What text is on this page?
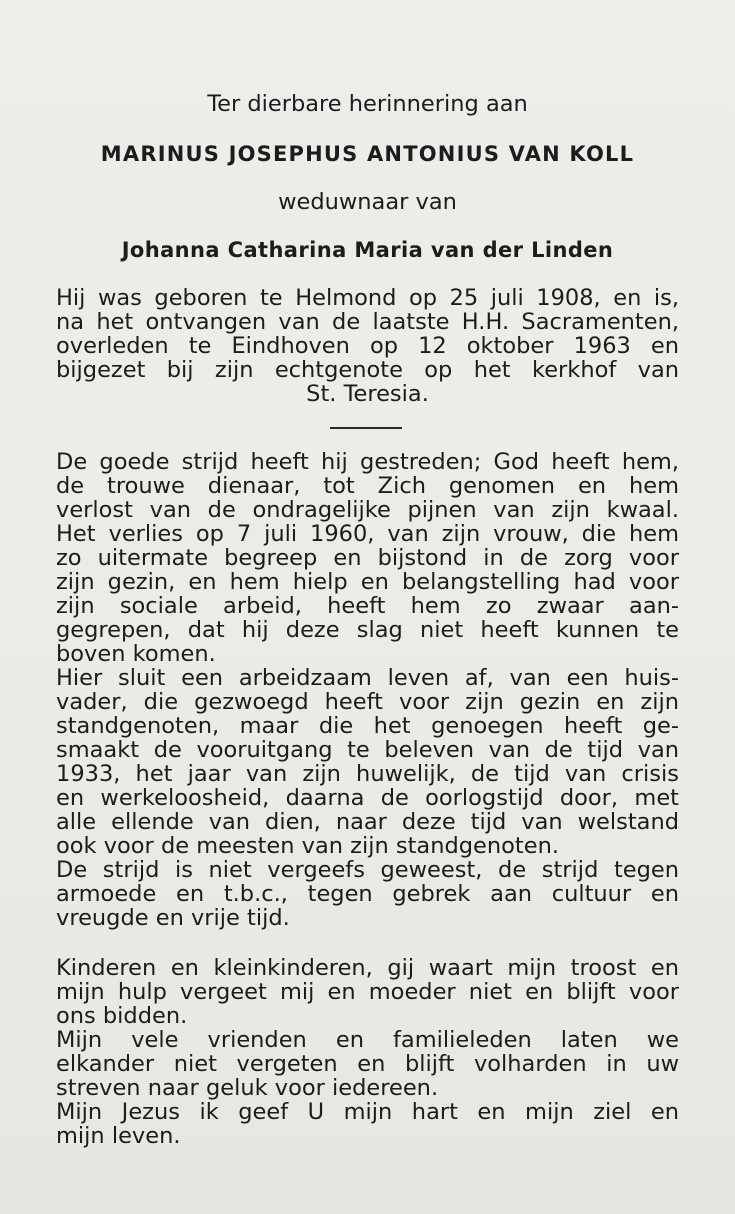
Ter dierbare herinnering aan
MARINUS JOSEPHUS ANTONIUS VAN KOLL
weduwnaar van
Johanna Catharina Maria van der Linden
Hij was geboren te Helmond op 25 juli 1908, en is,
na het ontvangen van de laatste H.H. Sacramenten,
overleden te Eindhoven op 12 oktober 1963 en
bijgezet bij zijn echtgenote op het kerkhof van
St. Teresia.
De goede strijd heeft hij gestreden; God heeft hem,
de trouwe dienaar, tot Zich genomen en hem
verlost van de ondragelijke pijnen van zijn kwaal.
Het verlies op 7 juli 1960, van zijn vrouw, die hem
zo uitermate begreep en bijstond in de zorg voor
zijn gezin, en hem hielp en belangstelling had voor
zijn sociale arbeid, heeft hem zo zwaar aan-
gegrepen, dat hij deze slag niet heeft kunnen te
boven komen.
Hier sluit een arbeidzaam leven af, van een huis-
vader, die gezwoegd heeft voor zijn gezin en zijn
standgenoten, maar die het genoegen heeft ge-
smaakt de vooruitgang te beleven van de tijd van
1933, het jaar van zijn huwelijk, de tijd van crisis
en werkeloosheid, daarna de oorlogstijd door, met
alle ellende van dien, naar deze tijd van welstand
ook voor de meesten van zijn standgenoten.
De strijd is niet vergeefs geweest, de strijd tegen
armoede en t.b.c., tegen gebrek aan cultuur en
vreugde en vrije tijd.
Kinderen en kleinkinderen, gij waart mijn troost en
mijn hulp vergeet mij en moeder niet en blijft voor
ons bidden.
Mijn vele vrienden en familieleden laten we
elkander niet vergeten en blijft volharden in uw
streven naar geluk voor iedereen.
Mijn Jezus ik geef U mijn hart en mijn ziel en
mijn leven.
